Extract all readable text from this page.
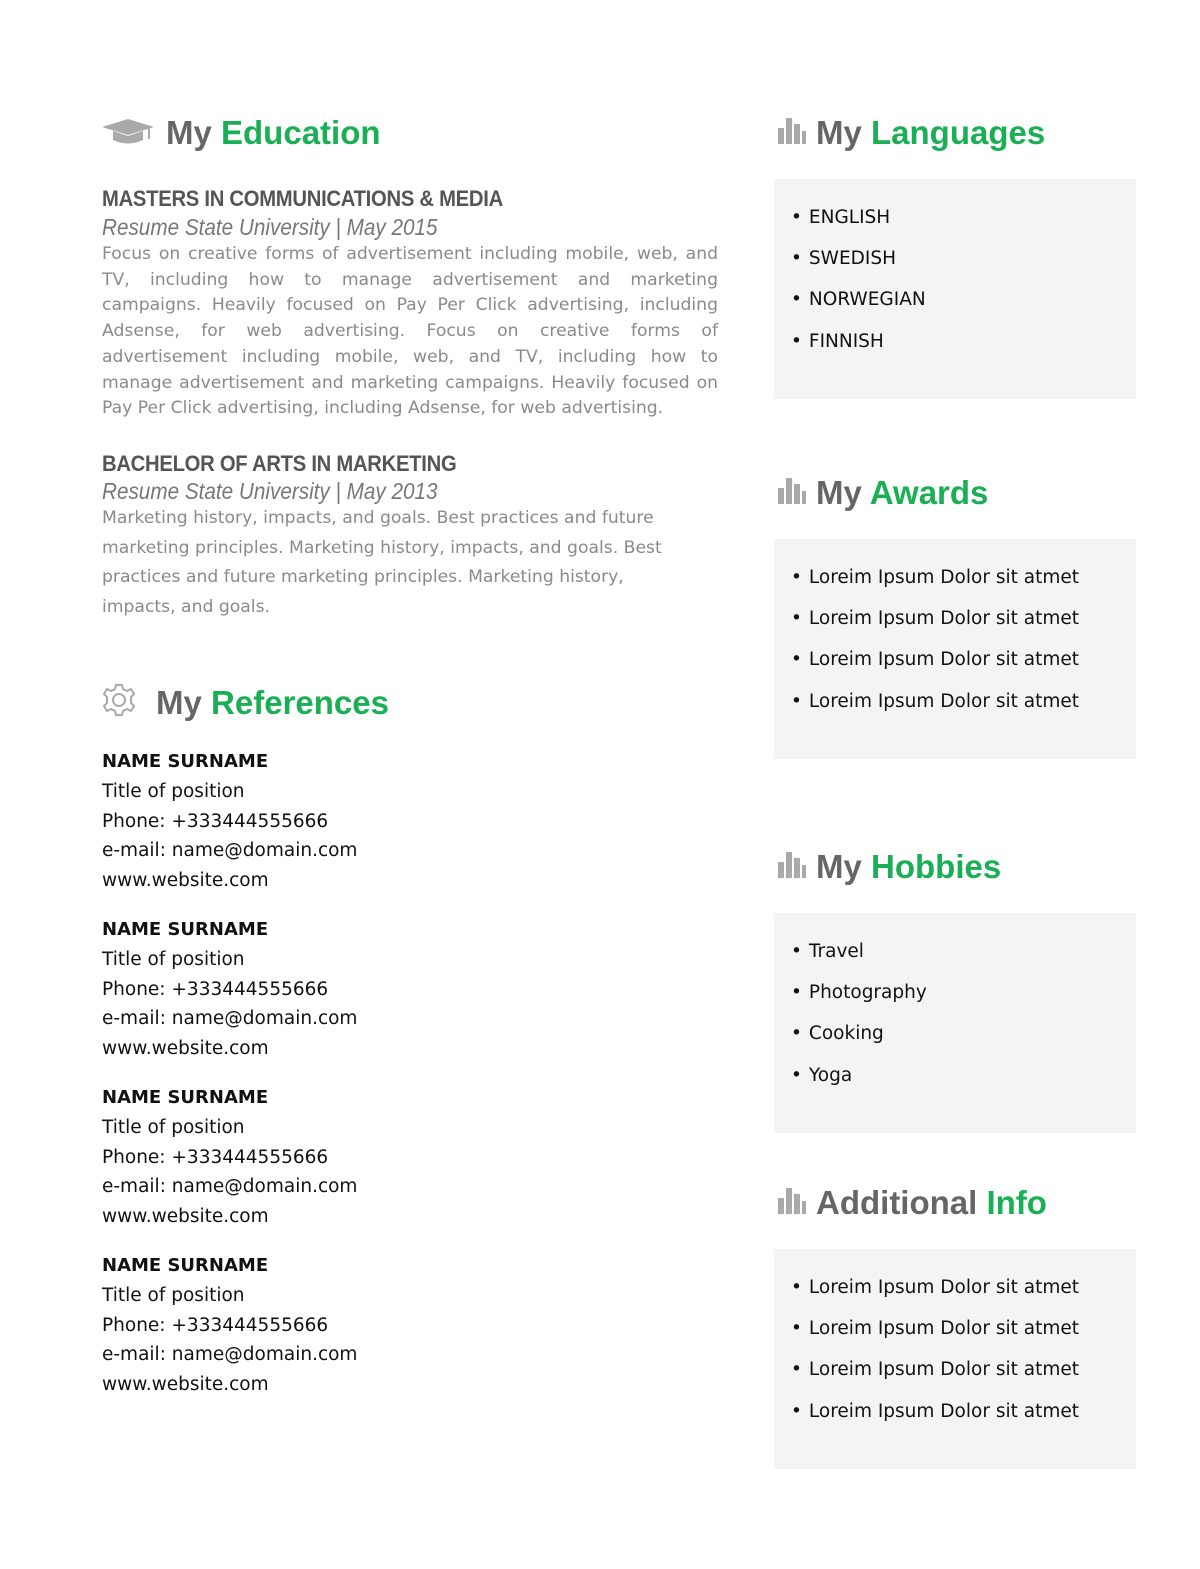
My Education
MASTERS IN COMMUNICATIONS & MEDIA
Resume State University | May 2015
Focus on creative forms of advertisement including mobile, web, and TV, including how to manage advertisement and marketing campaigns. Heavily focused on Pay Per Click advertising, including Adsense, for web advertising. Focus on creative forms of advertisement including mobile, web, and TV, including how to manage advertisement and marketing campaigns. Heavily focused on Pay Per Click advertising, including Adsense, for web advertising.
BACHELOR OF ARTS IN MARKETING
Resume State University | May 2013
Marketing history, impacts, and goals. Best practices and future marketing principles. Marketing history, impacts, and goals. Best practices and future marketing principles. Marketing history, impacts, and goals.
My References
NAME SURNAME
Title of position
Phone: +333444555666
e-mail: name@domain.com
www.website.com
NAME SURNAME
Title of position
Phone: +333444555666
e-mail: name@domain.com
www.website.com
NAME SURNAME
Title of position
Phone: +333444555666
e-mail: name@domain.com
www.website.com
NAME SURNAME
Title of position
Phone: +333444555666
e-mail: name@domain.com
www.website.com
My Languages
• ENGLISH
• SWEDISH
• NORWEGIAN
• FINNISH
My Awards
• Loreim Ipsum Dolor sit atmet
• Loreim Ipsum Dolor sit atmet
• Loreim Ipsum Dolor sit atmet
• Loreim Ipsum Dolor sit atmet
My Hobbies
• Travel
• Photography
• Cooking
• Yoga
Additional Info
• Loreim Ipsum Dolor sit atmet
• Loreim Ipsum Dolor sit atmet
• Loreim Ipsum Dolor sit atmet
• Loreim Ipsum Dolor sit atmet
